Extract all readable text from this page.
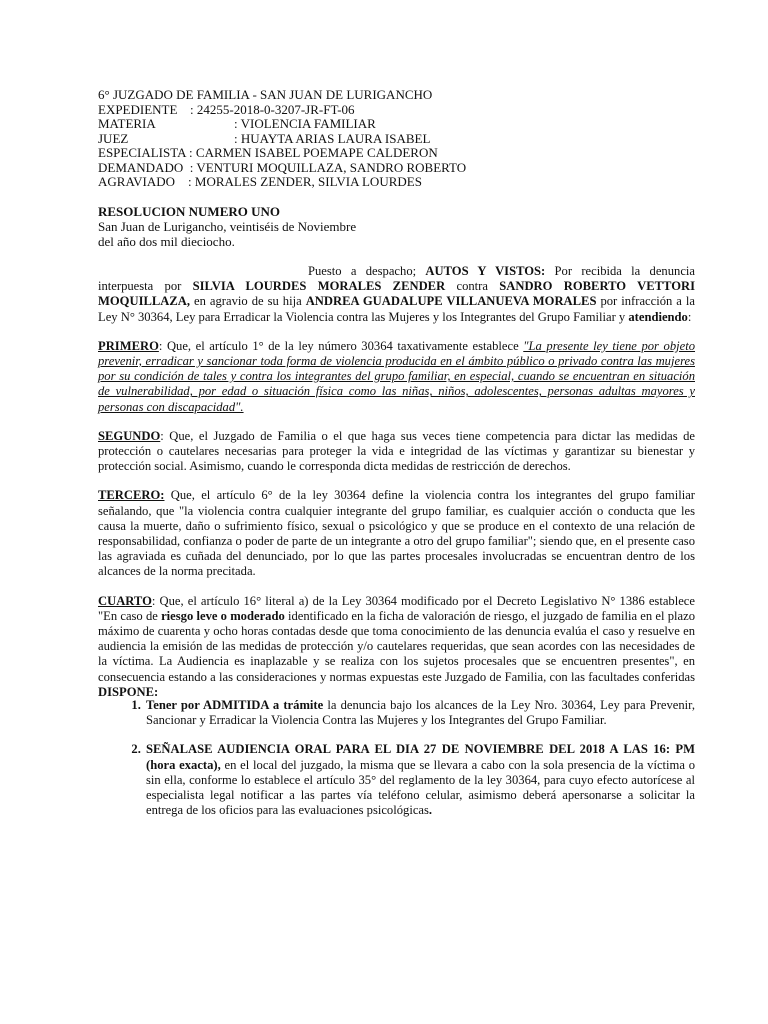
6° JUZGADO DE FAMILIA - SAN JUAN DE LURIGANCHO
EXPEDIENTE : 24255-2018-0-3207-JR-FT-06
MATERIA	: VIOLENCIA FAMILIAR
JUEZ	: HUAYTA ARIAS LAURA ISABEL
ESPECIALISTA : CARMEN ISABEL POEMAPE CALDERON
DEMANDADO  : VENTURI MOQUILLAZA, SANDRO ROBERTO
AGRAVIADO    : MORALES ZENDER, SILVIA LOURDES
RESOLUCION NUMERO UNO
San Juan de Lurigancho, veintiséis de Noviembre
del año dos mil dieciocho.

Puesto a despacho; AUTOS Y VISTOS: Por recibida la denuncia interpuesta por SILVIA LOURDES MORALES ZENDER contra SANDRO ROBERTO VETTORI MOQUILLAZA, en agravio de su hija ANDREA GUADALUPE VILLANUEVA MORALES por infracción a la Ley N° 30364, Ley para Erradicar la Violencia contra las Mujeres y los Integrantes del Grupo Familiar y atendiendo:

PRIMERO: Que, el artículo 1° de la ley número 30364 taxativamente establece "La presente ley tiene por objeto prevenir, erradicar y sancionar toda forma de violencia producida en el ámbito público o privado contra las mujeres por su condición de tales y contra los integrantes del grupo familiar, en especial, cuando se encuentran en situación de vulnerabilidad, por edad o situación física como las niñas, niños, adolescentes, personas adultas mayores y personas con discapacidad".

SEGUNDO: Que, el Juzgado de Familia o el que haga sus veces tiene competencia para dictar las medidas de protección o cautelares necesarias para proteger la vida e integridad de las víctimas y garantizar su bienestar y protección social. Asimismo, cuando le corresponda dicta medidas de restricción de derechos.

TERCERO: Que, el artículo 6° de la ley 30364 define la violencia contra los integrantes del grupo familiar señalando, que "la violencia contra cualquier integrante del grupo familiar, es cualquier acción o conducta que les causa la muerte, daño o sufrimiento físico, sexual o psicológico y que se produce en el contexto de una relación de responsabilidad, confianza o poder de parte de un integrante a otro del grupo familiar"; siendo que, en el presente caso las agraviada es cuñada del denunciado, por lo que las partes procesales involucradas se encuentran dentro de los alcances de la norma precitada.

CUARTO: Que, el artículo 16° literal a) de la Ley 30364 modificado por el Decreto Legislativo N° 1386 establece "En caso de riesgo leve o moderado identificado en la ficha de valoración de riesgo, el juzgado de familia en el plazo máximo de cuarenta y ocho horas contadas desde que toma conocimiento de las denuncia evalúa el caso y resuelve en audiencia la emisión de las medidas de protección y/o cautelares requeridas, que sean acordes con las necesidades de la víctima. La Audiencia es inaplazable y se realiza con los sujetos procesales que se encuentren presentes", en consecuencia estando a las consideraciones y normas expuestas este Juzgado de Familia, con las facultades conferidas DISPONE:

1. Tener por ADMITIDA a trámite la denuncia bajo los alcances de la Ley Nro. 30364, Ley para Prevenir, Sancionar y Erradicar la Violencia Contra las Mujeres y los Integrantes del Grupo Familiar.
2. SEÑALASE AUDIENCIA ORAL PARA EL DIA 27 DE NOVIEMBRE DEL 2018 A LAS 16: PM (hora exacta), en el local del juzgado, la misma que se llevara a cabo con la sola presencia de la víctima o sin ella, conforme lo establece el artículo 35° del reglamento de la ley 30364, para cuyo efecto autorícese al especialista legal notificar a las partes vía teléfono celular, asimismo deberá apersonarse a solicitar la entrega de los oficios para las evaluaciones psicológicas.
